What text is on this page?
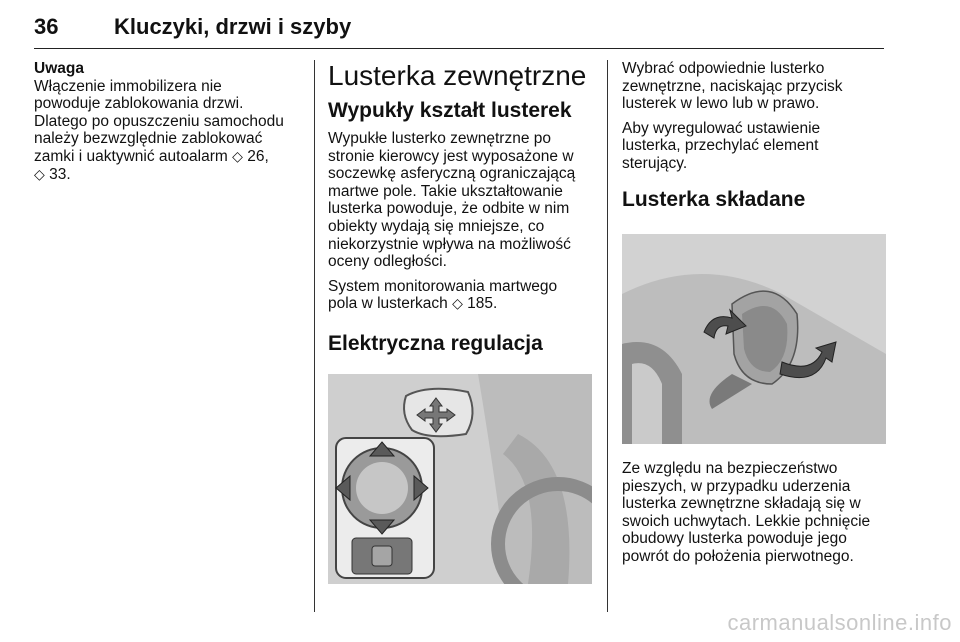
36	Kluczyki, drzwi i szyby
Uwaga
Włączenie immobilizera nie
powoduje zablokowania drzwi.
Dlatego po opuszczeniu samochodu
należy bezwzględnie zablokować
zamki i uaktywnić autoalarm ◇ 26,
◇ 33.
Lusterka zewnętrzne
Wypukły kształt lusterek

Wypukłe lusterko zewnętrzne po
stronie kierowcy jest wyposażone w
soczewkę asferyczną ograniczającą
martwe pole. Takie ukształtowanie
lusterka powoduje, że odbite w nim
obiekty wydają się mniejsze, co
niekorzystnie wpływa na możliwość
oceny odległości.

System monitorowania martwego
pola w lusterkach ◇ 185.

Elektryczna regulacja

Wybrać odpowiednie lusterko
zewnętrzne, naciskając przycisk
lusterek w lewo lub w prawo.

Aby wyregulować ustawienie
lusterka, przechylać element
sterujący.

Lusterka składane

Ze względu na bezpieczeństwo
pieszych, w przypadku uderzenia
lusterka zewnętrzne składają się w
swoich uchwytach. Lekkie pchnięcie
obudowy lusterka powoduje jego
powrót do położenia pierwotnego.

carmanualsonline.info
